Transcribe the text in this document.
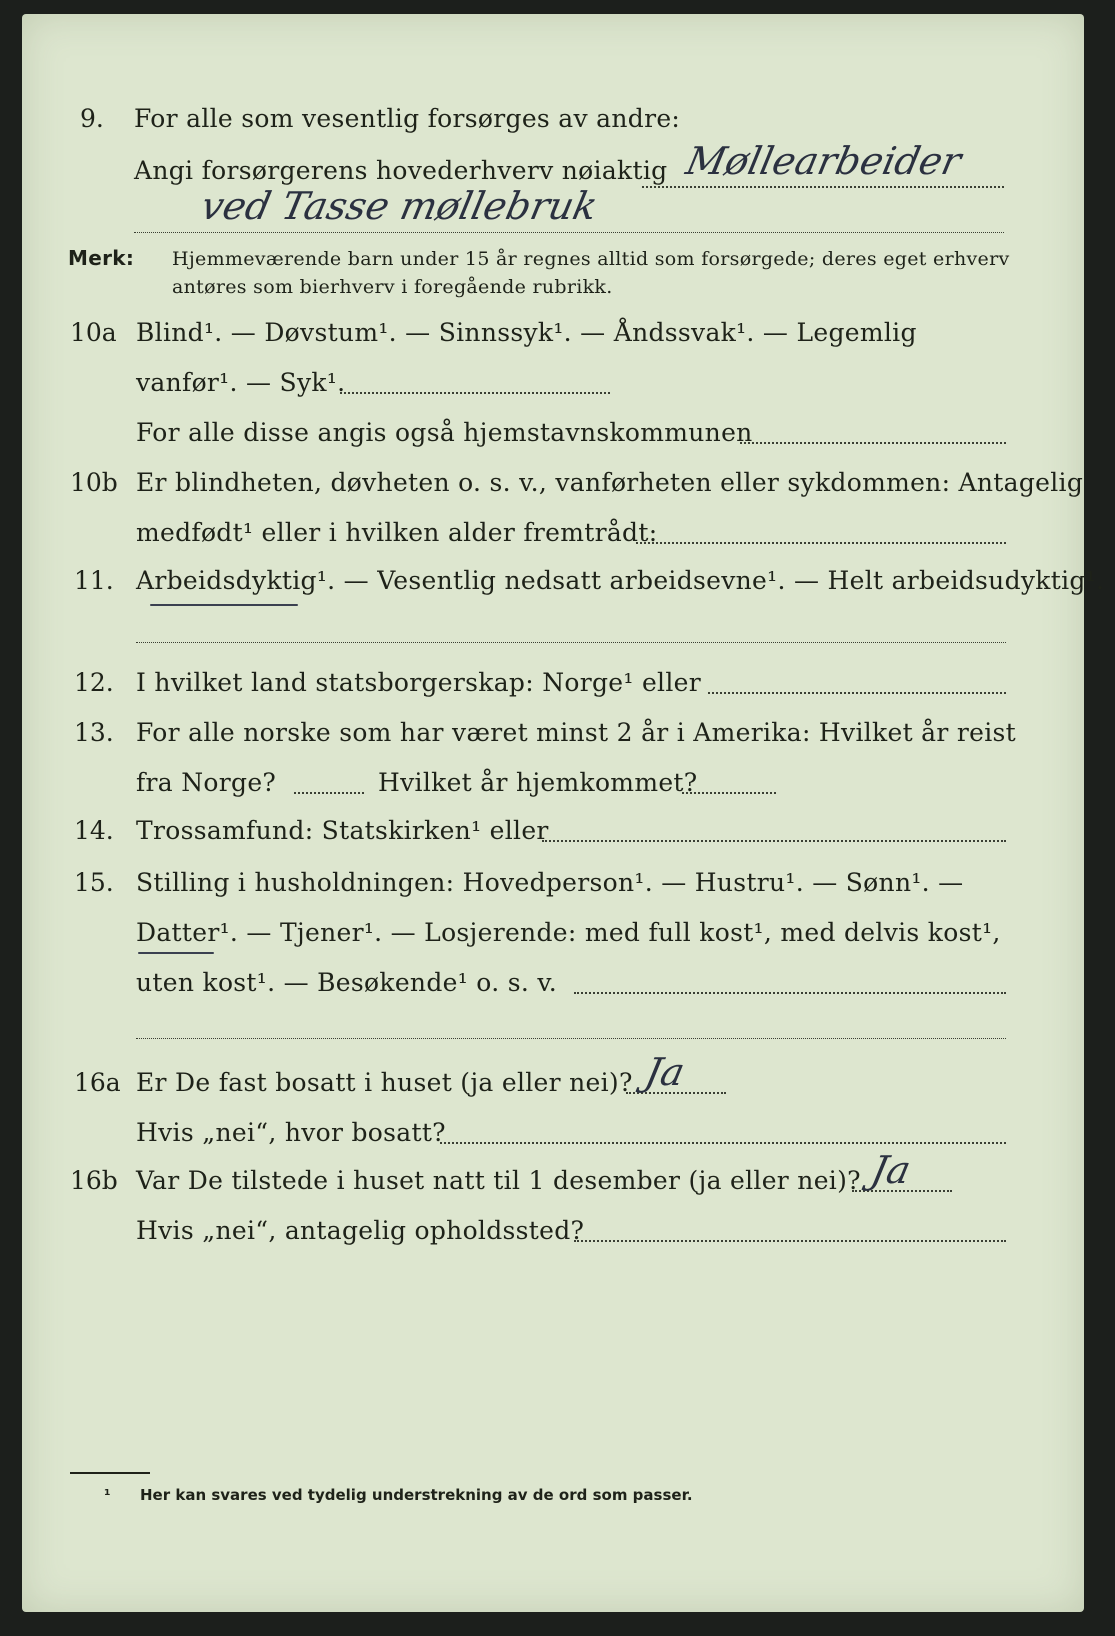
9. For alle som vesentlig forsørges av andre:
Angi forsørgerens hovederhverv nøiaktig Møllearbeider
ved Tasse møllebruk
Merk: Hjemmeværende barn under 15 år regnes alltid som forsørgede; deres eget erhverv
antøres som bierhverv i foregående rubrikk.
10a Blind¹. — Døvstum¹. — Sinnssyk¹. — Åndssvak¹. — Legemlig
vanfør¹. — Syk¹.
For alle disse angis også hjemstavnskommunen
10b Er blindheten, døvheten o. s. v., vanførheten eller sykdommen: Antagelig
medfødt¹ eller i hvilken alder fremtrådt:
11. Arbeidsdyktig¹. — Vesentlig nedsatt arbeidsevne¹. — Helt arbeidsudyktig¹.
12. I hvilket land statsborgerskap: Norge¹ eller
13. For alle norske som har været minst 2 år i Amerika: Hvilket år reist
fra Norge?	Hvilket år hjemkommet?
14. Trossamfund: Statskirken¹ eller
15. Stilling i husholdningen: Hovedperson¹. — Hustru¹. — Sønn¹. —
Datter¹. — Tjener¹. — Losjerende: med full kost¹, med delvis kost¹,
uten kost¹. — Besøkende¹ o. s. v.
16a Er De fast bosatt i huset (ja eller nei)? Ja
Hvis „nei“, hvor bosatt?
16b Var De tilstede i huset natt til 1 desember (ja eller nei)? Ja
Hvis „nei“, antagelig opholdssted?
¹ Her kan svares ved tydelig understrekning av de ord som passer.
